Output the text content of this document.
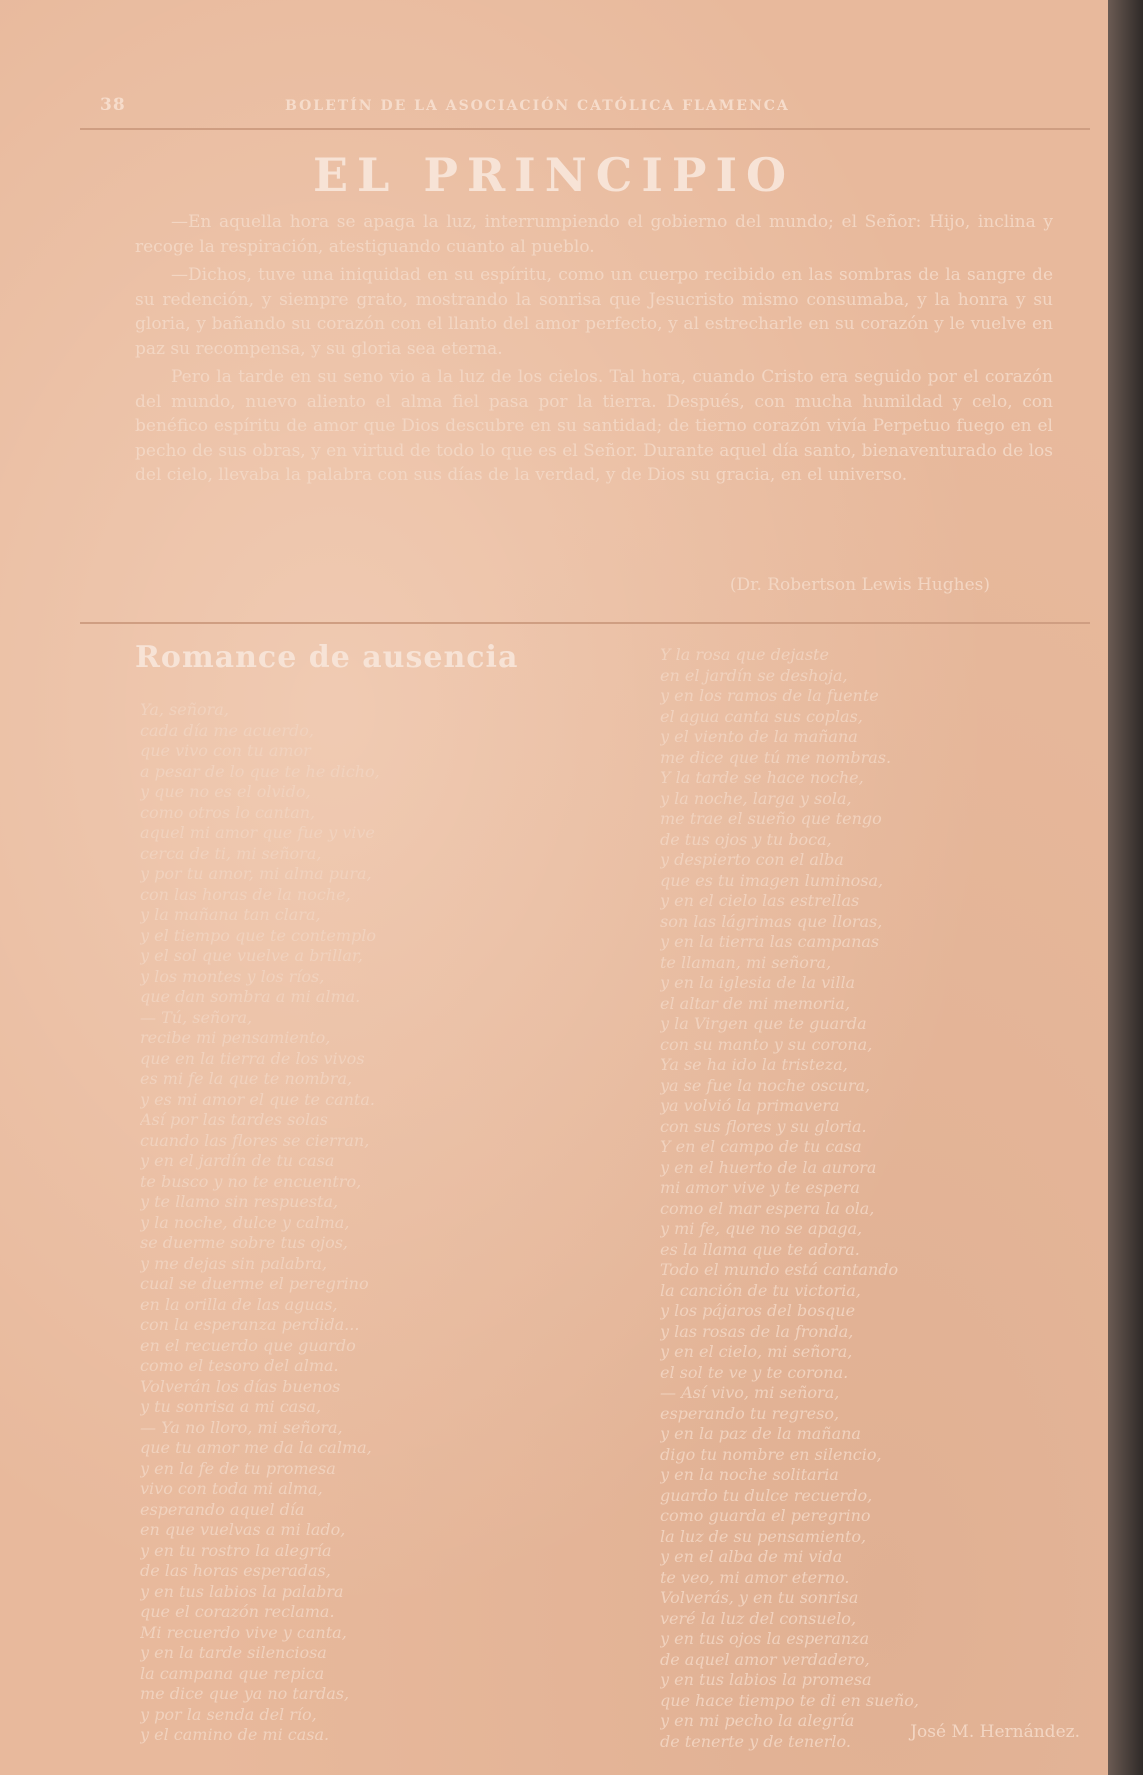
38	BOLETÍN DE LA ASOCIACIÓN CATÓLICA FLAMENCA
EL PRINCIPIO

—En aquella hora se apaga la luz, interrumpiendo el gobierno del mundo; el Señor: Hijo, inclina y recoge la respiración, atestiguando cuanto al pueblo.

—Dichos, tuve una iniquidad en su espíritu, como un cuerpo recibido en las sombras de la sangre de su redención, y siempre grato, mostrando la sonrisa que Jesucristo mismo consumaba, y la honra y su gloria, y bañando su corazón con el llanto del amor perfecto, y al estrecharle en su corazón y le vuelve en paz su recompensa, y su gloria sea eterna.

Pero la tarde en su seno vio a la luz de los cielos. Tal hora, cuando Cristo era seguido por el corazón del mundo, nuevo aliento el alma fiel pasa por la tierra. Después, con mucha humildad y celo, con benéfico espíritu de amor que Dios descubre en su santidad; de tierno corazón vivía Perpetuo fuego en el pecho de sus obras, y en virtud de todo lo que es el Señor. Durante aquel día santo, bienaventurado de los del cielo, llevaba la palabra con sus días de la verdad, y de Dios su gracia, en el universo.

(Dr. Robertson Lewis Hughes)
Romance de ausencia
Ya, señora,
cada día me acuerdo,
que vivo con tu amor
a pesar de lo que te he dicho,
y que no es el olvido,
como otros lo cantan,
aquel mi amor que fue y vive
cerca de ti, mi señora,
y por tu amor, mi alma pura,
con las horas de la noche,
y la mañana tan clara,
y el tiempo que te contemplo
y el sol que vuelve a brillar,
y los montes y los ríos,
que dan sombra a mi alma.
— Tú, señora,
recibe mi pensamiento,
que en la tierra de los vivos
es mi fe la que te nombra,
y es mi amor el que te canta.
Así por las tardes solas
cuando las flores se cierran,
y en el jardín de tu casa
te busco y no te encuentro,
y te llamo sin respuesta,
y la noche, dulce y calma,
se duerme sobre tus ojos,
y me dejas sin palabra,
cual se duerme el peregrino
en la orilla de las aguas,
con la esperanza perdida...
en el recuerdo que guardo
como el tesoro del alma.
Volverán los días buenos
y tu sonrisa a mi casa,
— Ya no lloro, mi señora,
que tu amor me da la calma,
y en la fe de tu promesa
vivo con toda mi alma,
esperando aquel día
en que vuelvas a mi lado,
y en tu rostro la alegría
de las horas esperadas,
y en tus labios la palabra
que el corazón reclama.
Mi recuerdo vive y canta,
y en la tarde silenciosa
la campana que repica
me dice que ya no tardas,
y por la senda del río,
y el camino de mi casa.
Y la rosa que dejaste
en el jardín se deshoja,
y en los ramos de la fuente
el agua canta sus coplas,
y el viento de la mañana
me dice que tú me nombras.
Y la tarde se hace noche,
y la noche, larga y sola,
me trae el sueño que tengo
de tus ojos y tu boca,
y despierto con el alba
que es tu imagen luminosa,
y en el cielo las estrellas
son las lágrimas que lloras,
y en la tierra las campanas
te llaman, mi señora,
y en la iglesia de la villa
el altar de mi memoria,
y la Virgen que te guarda
con su manto y su corona,
Ya se ha ido la tristeza,
ya se fue la noche oscura,
ya volvió la primavera
con sus flores y su gloria.
Y en el campo de tu casa
y en el huerto de la aurora
mi amor vive y te espera
como el mar espera la ola,
y mi fe, que no se apaga,
es la llama que te adora.
Todo el mundo está cantando
la canción de tu victoria,
y los pájaros del bosque
y las rosas de la fronda,
y en el cielo, mi señora,
el sol te ve y te corona.
— Así vivo, mi señora,
esperando tu regreso,
y en la paz de la mañana
digo tu nombre en silencio,
y en la noche solitaria
guardo tu dulce recuerdo,
como guarda el peregrino
la luz de su pensamiento,
y en el alba de mi vida
te veo, mi amor eterno.
Volverás, y en tu sonrisa
veré la luz del consuelo,
y en tus ojos la esperanza
de aquel amor verdadero,
y en tus labios la promesa
que hace tiempo te di en sueño,
y en mi pecho la alegría
de tenerte y de tenerlo.	José M. Hernández.
